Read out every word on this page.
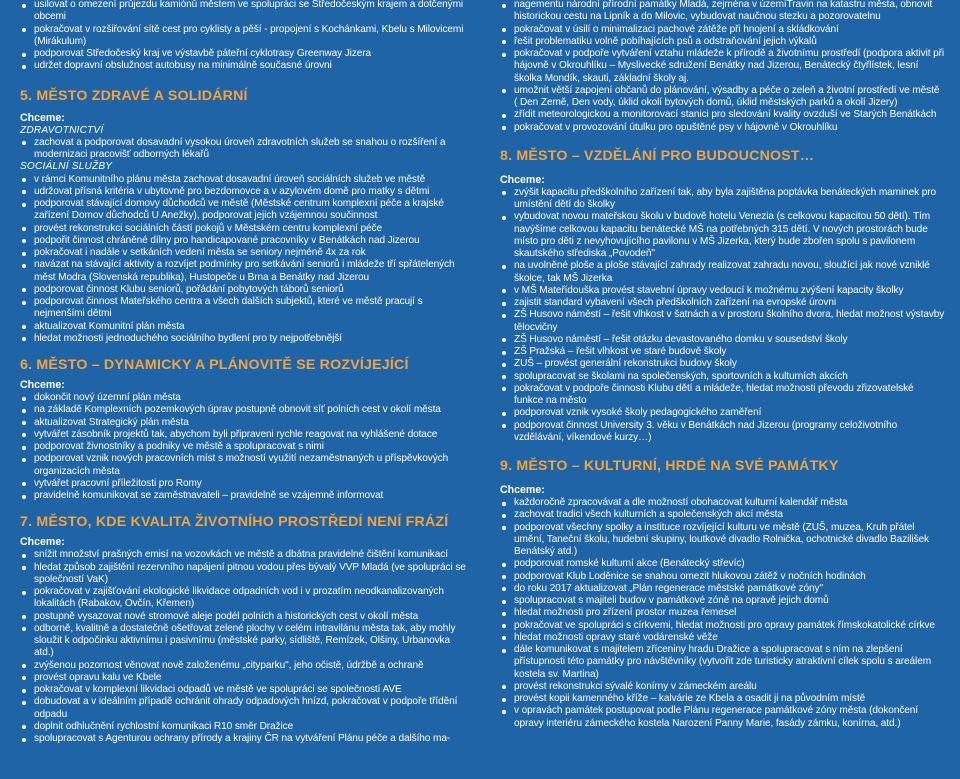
usilovat o omezení průjezdu kamiónů městem ve spolupráci se Středočeským krajem a dotčenými obcemi
pokračovat v rozšiřování sítě cest pro cyklisty a pěší - propojení s Kochánkami, Kbelu s Milovicemi (Mirákulum)
podporovat Středočeský kraj ve výstavbě páteřní cyklotrasy Greenway Jizera
udržet dopravní obslužnost autobusy na minimálně současné úrovni
5. MĚSTO ZDRAVÉ A SOLIDÁRNÍ
Chceme:
ZDRAVOTNICTVÍ
zachovat a podporovat dosavadní vysokou úroveň zdravotních služeb se snahou o rozšíření a modernizaci pracovišť odborných lékařů
SOCIÁLNÍ SLUŽBY
v rámci Komunitního plánu města zachovat dosavadní úroveň sociálních služeb ve městě
udržovat přísná kritéria v ubytovně pro bezdomovce a v azylovém domě pro matky s dětmi
podporovat stávající domovy důchodců ve městě (Městské centrum komplexní péče a krajské zařízení Domov důchodců U Anežky), podporovat jejich vzájemnou součinnost
provést rekonstrukci sociálních částí pokojů v Městském centru komplexní péče
podpořit činnost chráněné dílny pro handicapované pracovníky v Benátkách nad Jizerou
pokračovat i nadále v setkáních vedení města se seniory nejméně 4x za rok
navázat na stávající aktivity a rozvíjet podmínky pro setkávání seniorů i mládeže tří spřátelených měst Modra (Slovenská republika), Hustopeče u Brna a Benátky nad Jizerou
podporovat činnost Klubu seniorů, pořádání pobytových táborů seniorů
podporovat činnost Mateřského centra a všech dalších subjektů, které ve městě pracují s nejmenšími dětmi
aktualizovat Komunitní plán města
hledat možnosti jednoduchého sociálního bydlení pro ty nejpotřebnější
6. MĚSTO – DYNAMICKY A PLÁNOVITĚ SE ROZVÍJEJÍCÍ
Chceme:
dokončit nový územní plán města
na základě Komplexních pozemkových úprav postupně obnovit síť polních cest v okolí města
aktualizovat Strategický plán města
vytvářet zásobník projektů tak, abychom byli připraveni rychle reagovat na vyhlášené dotace
podporovat živnostníky a podniky ve městě a spolupracovat s nimi
podporovat vznik nových pracovních míst s možností využití nezaměstnaných u příspěvkových organizacích města
vytvářet pracovní příležitosti pro Romy
pravidelně komunikovat se zaměstnavateli – pravidelně se vzájemně informovat
7. MĚSTO, KDE KVALITA ŽIVOTNÍHO PROSTŘEDÍ NENÍ FRÁZÍ
Chceme:
snížit množství prašných emisí na vozovkách ve městě a dbátna pravidelné čištění komunikací
hledat způsob zajištění rezervního napájení pitnou vodou přes bývalý VVP Mladá (ve spolupráci se společností VaK)
pokračovat v zajišťování ekologické likvidace odpadních vod i v prozatím neodkanalizovaných lokalitách (Rabakov, Ovčín, Křemen)
postupně vysazovat nové stromové aleje podél polních a historických cest v okolí města
odborně, kvalitně a dostatečně ošetřovat zelené plochy v celém intravilánu města tak, aby mohly sloužit k odpočinku aktivnímu i pasivnímu (městské parky, sídliště, Remízek, Olšiny, Urbanovka atd.)
zvýšenou pozornost věnovat nově založenému „cityparku", jeho očistě, údržbě a ochraně
provést opravu kalu ve Kbele
pokračovat v komplexní likvidaci odpadů ve městě ve spolupráci se společností AVE
dobudovat a v ideálním případě ochránit ohrady odpadových hnízd, pokračovat v podpoře třídění odpadu
doplnit odhlučnění rychlostní komunikaci R10 směr Dražice
spolupracovat s Agenturou ochrany přírody a krajiny ČR na vytváření Plánu péče a dalšího ma-
nagementu národní přírodní památky Mladá, zejména v územíTravin na katastru města, obnovit historickou cestu na Lipník a do Milovic, vybudovat naučnou stezku a pozorovatelnu
pokračovat v úsilí o minimalizaci pachové zátěže při hnojení a skládkování
řešit problematiku volně pobíhajících psů a odstraňování jejich výkalů
pokračovat v podpoře vytváření vztahu mládeže k přírodě a životnímu prostředí (podpora aktivit při hájovně v Okrouhlíku – Myslivecké sdružení Benátky nad Jizerou, Benátecký čtyřlístek, lesní školka Mondík, skauti, základní školy aj.
umožnit větší zapojení občanů do plánování, výsadby a péče o zeleň a životní prostředí ve městě ( Den Země, Den vody, úklid okolí bytových domů, úklid městských parků a okolí Jizery)
zřídit meteorologickou a monitorovací stanici pro sledování kvality ovzduší ve Starých Benátkách
pokračovat v provozování útulku pro opuštěné psy v hájovně v Okrouhlíku
8. MĚSTO – VZDĚLÁNÍ PRO BUDOUCNOST…
Chceme:
zvýšit kapacitu předškolního zařízení tak, aby byla zajištěna poptávka benáteckých maminek pro umístění dětí do školky
vybudovat novou mateřskou školu v budově hotelu Venezia (s celkovou kapacitou 50 dětí). Tím navýšíme celkovou kapacitu benátecké MŠ na potřebných 315 dětí. V nových prostorách bude místo pro děti z nevyhovujícího pavilonu v MŠ Jizerka, který bude zbořen spolu s pavilonem skautského střediska „Povodeň"
na uvolněné ploše a ploše stávající zahrady realizovat zahradu novou, sloužící jak nové vzniklé školce, tak MŠ Jizerka
v MŠ Mateřídouška provést stavební úpravy vedoucí k možnému zvýšení kapacity školky
zajistit standard vybavení všech předškolních zařízení na evropské úrovni
ZŠ Husovo náměstí – řešit vlhkost v šatnách a v prostoru školního dvora, hledat možnost výstavby tělocvičny
ZŠ Husovo náměstí – řešit otázku devastovaného domku v sousedství školy
ZŠ Pražská – řešit vlhkost ve staré budově školy
ZUŠ – provést generální rekonstrukci budovy školy
spolupracovat se školami na společenských, sportovních a kulturních akcích
pokračovat v podpoře činnosti Klubu dětí a mládeže, hledat možnosti převodu zřizovatelské funkce na město
podporovat vznik vysoké školy pedagogického zaměření
podporovat činnost University 3. věku v Benátkách nad Jizerou (programy celoživotního vzdělávání, víkendové kurzy…)
9. MĚSTO – KULTURNÍ, HRDÉ NA SVÉ PAMÁTKY
Chceme:
každoročně zpracovávat a dle možností obohacovat kulturní kalendář města
zachovat tradici všech kulturních a společenských akcí města
podporovat všechny spolky a instituce rozvíjející kulturu ve městě (ZUŠ, muzea, Kruh přátel umění, Taneční školu, hudební skupiny, loutkové divadlo Rolnička, ochotnické divadlo Bazilišek Benátský atd.)
podporovat romské kulturní akce (Benátecký střevíc)
podporovat Klub Loděnice se snahou omezit hlukovou zátěž v nočních hodinách
do roku 2017 aktualizovat „Plán regenerace městské památkové zóny"
spolupracovat s majiteli budov v památkové zóně na opravě jejich domů
hledat možnosti pro zřízení prostor muzea řemesel
pokračovat ve spolupráci s církvemi, hledat možnosti pro opravy památek římskokatolické církve
hledat možnosti opravy staré vodárenské věže
dále komunikovat s majitelem zříceniny hradu Dražice a spolupracovat s ním na zlepšení přístupnosti této památky pro návštěvníky (vytvořit zde turisticky atraktivní cílek spolu s areálem kostela sv. Martina)
provést rekonstrukci sývalé konírny v zámeckém areálu
provést kopii kamenného kříže – kalvárie ze Kbela a osadit ji na původním místě
v opravách památek postupovat podle Plánu regenerace památkové zóny města (dokončení opravy interiéru zámeckého kostela Narození Panny Marie, fasády zámku, konírna, atd.)
